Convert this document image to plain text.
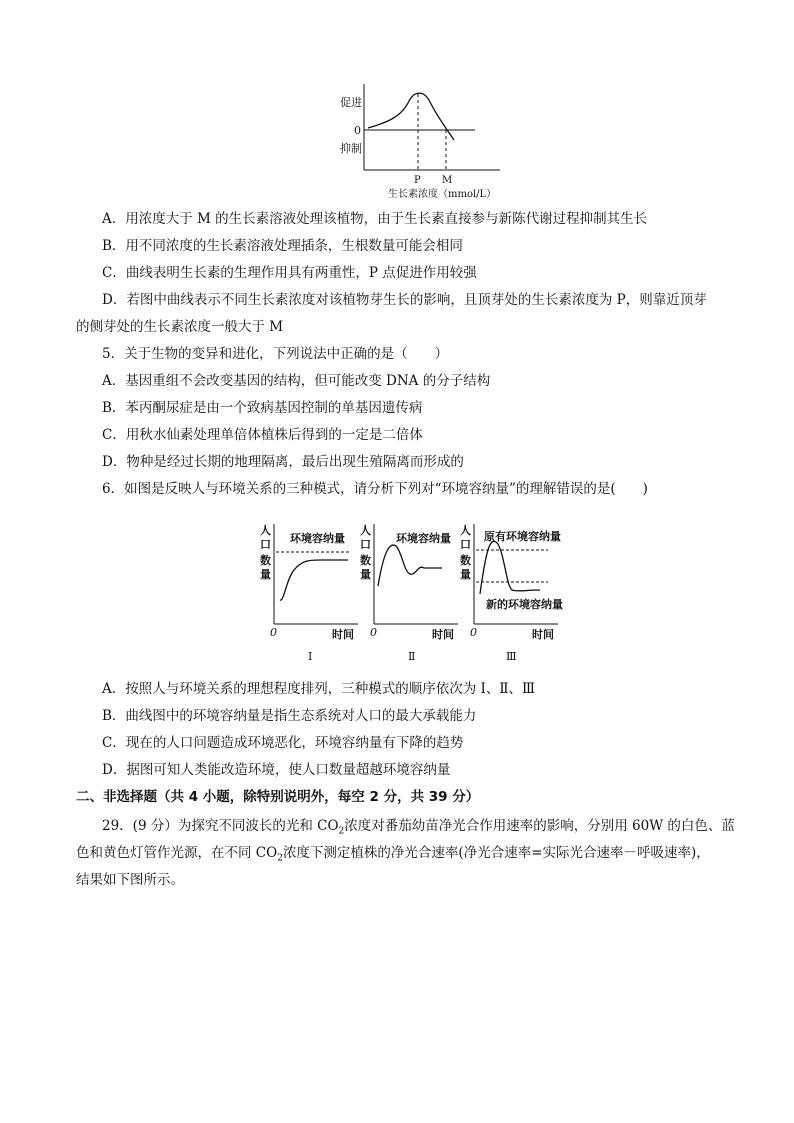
促进
0
抑制
P M
生长素浓度（mmol/L）
A．用浓度大于 M 的生长素溶液处理该植物，由于生长素直接参与新陈代谢过程抑制其生长
B．用不同浓度的生长素溶液处理插条，生根数量可能会相同
C．曲线表明生长素的生理作用具有两重性，P 点促进作用较强
D．若图中曲线表示不同生长素浓度对该植物芽生长的影响，且顶芽处的生长素浓度为 P，则靠近顶芽
的侧芽处的生长素浓度一般大于 M
5．关于生物的变异和进化，下列说法中正确的是（　　）
A．基因重组不会改变基因的结构，但可能改变 DNA 的分子结构
B．苯丙酮尿症是由一个致病基因控制的单基因遗传病
C．用秋水仙素处理单倍体植株后得到的一定是二倍体
D．物种是经过长期的地理隔离，最后出现生殖隔离而形成的
6．如图是反映人与环境关系的三种模式，请分析下列对“环境容纳量”的理解错误的是(　　)
人
口
数
量
环境容纳量
0	时间
Ⅰ
人
口
数
量
环境容纳量
0	时间
Ⅱ
人
口
数
量
原有环境容纳量
新的环境容纳量
0	时间
Ⅲ
A．按照人与环境关系的理想程度排列，三种模式的顺序依次为 Ⅰ、Ⅱ、Ⅲ
B．曲线图中的环境容纳量是指生态系统对人口的最大承载能力
C．现在的人口问题造成环境恶化，环境容纳量有下降的趋势
D．据图可知人类能改造环境，使人口数量超越环境容纳量
二、非选择题（共 4 小题，除特别说明外，每空 2 分，共 39 分）
29．(9 分）为探究不同波长的光和 $CO_2$浓度对番茄幼苗净光合作用速率的影响，分别用 60W 的白色、蓝
色和黄色灯管作光源，在不同 $CO_2$浓度下测定植株的净光合速率(净光合速率=实际光合速率－呼吸速率)，
结果如下图所示。
